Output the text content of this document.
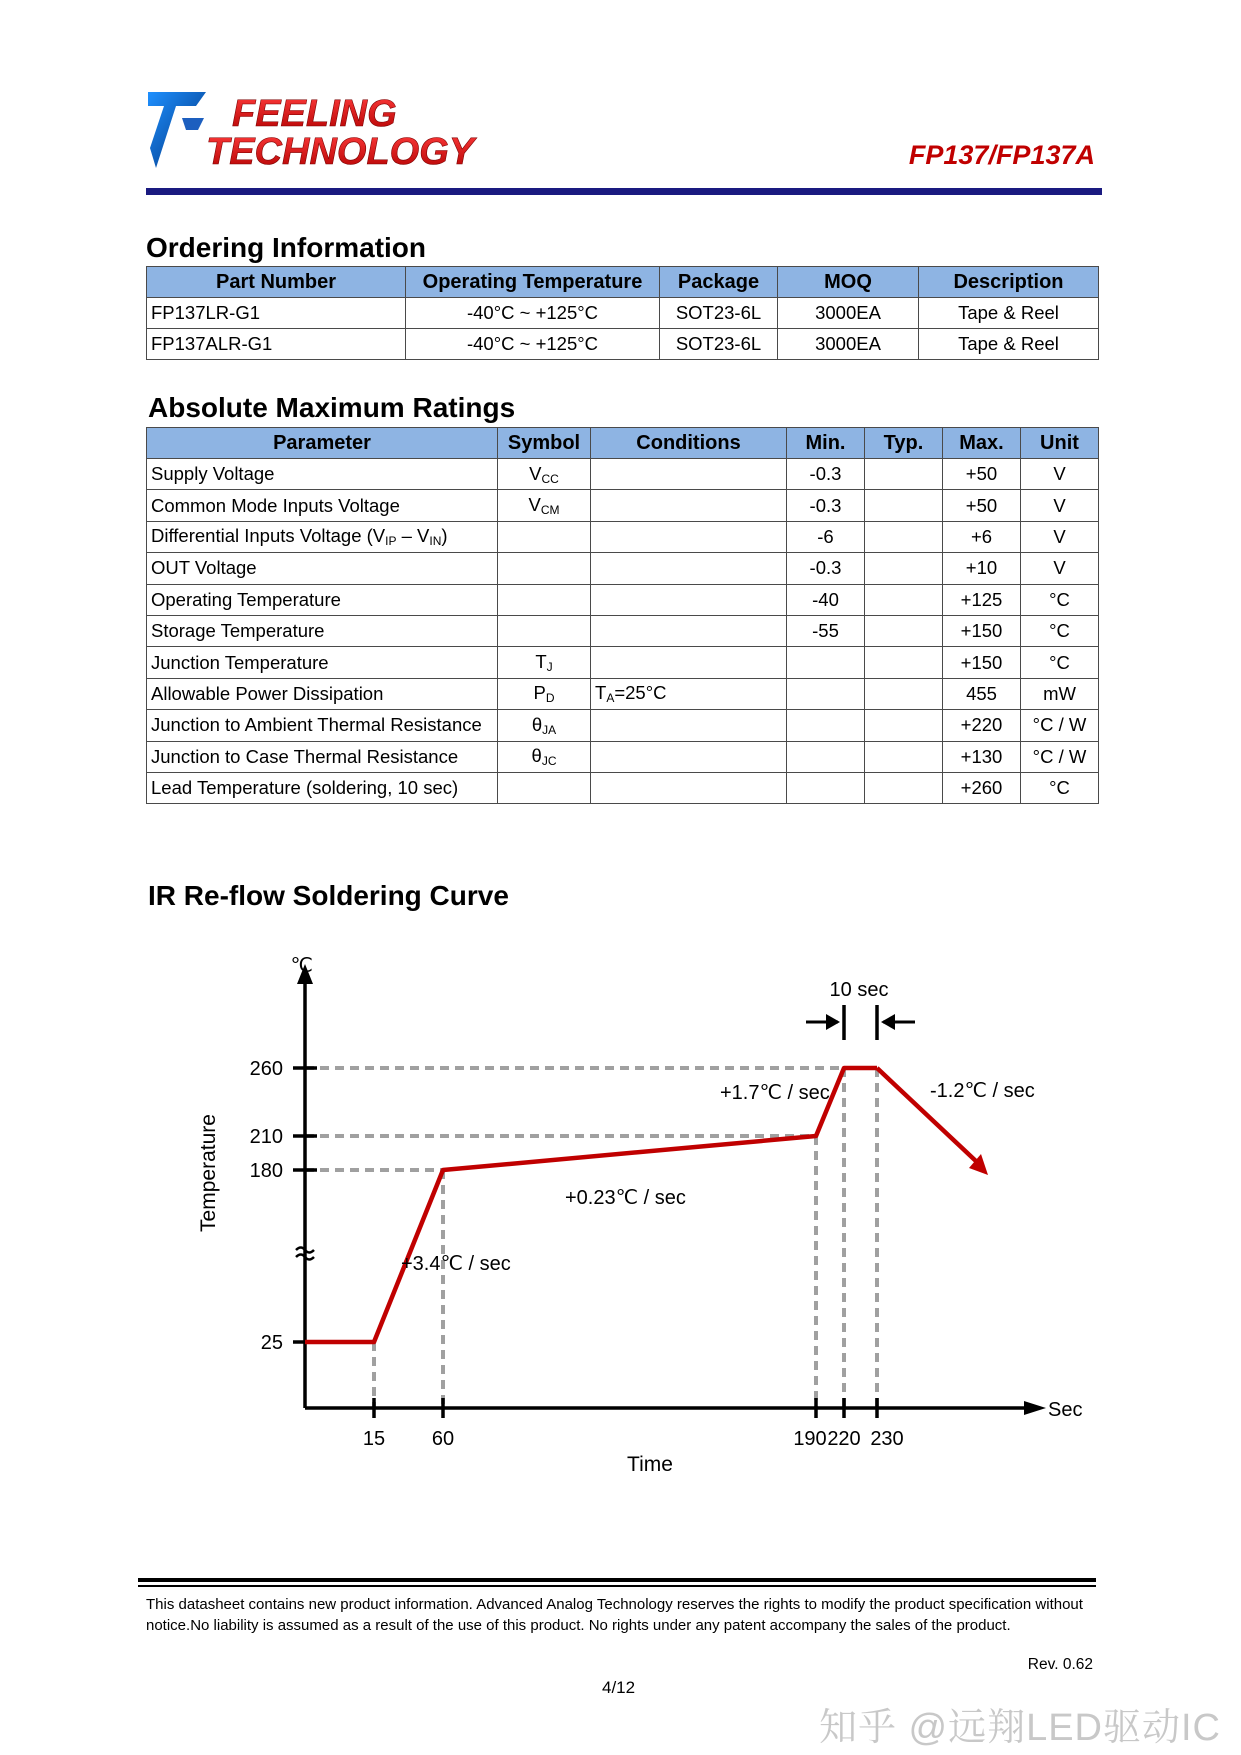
FEELING
TECHNOLOGY	FP137/FP137A
Ordering Information
Part Number	Operating Temperature	Package	MOQ	Description
FP137LR-G1	-40°C ~ +125°C	SOT23-6L	3000EA	Tape & Reel
FP137ALR-G1	-40°C ~ +125°C	SOT23-6L	3000EA	Tape & Reel
Absolute Maximum Ratings
Parameter	Symbol	Conditions	Min.	Typ.	Max.	Unit
Supply Voltage	$V_{CC}$		-0.3		+50	V
Common Mode Inputs Voltage	$V_{CM}$		-0.3		+50	V
Differential Inputs Voltage $(V_{IP} - V_{IN})$			-6		+6	V
OUT Voltage			-0.3		+10	V
Operating Temperature			-40		+125	°C
Storage Temperature			-55		+150	°C
Junction Temperature	$T_J$				+150	°C
Allowable Power Dissipation	$P_D$	$T_A=25^\circ C$			455	mW
Junction to Ambient Thermal Resistance	$\theta_{JA}$				+220	°C / W
Junction to Case Thermal Resistance	$\theta_{JC}$				+130	°C / W
Lead Temperature (soldering, 10 sec)					+260	°C
IR Re-flow Soldering Curve
15 60	190 220 230
25
180
210
260
+3.4℃ / sec
+0.23℃ / sec
+1.7℃ / sec	-1.2℃ / sec
10 sec
℃
Sec
Time
Temperature
This datasheet contains new product information. Advanced Analog Technology reserves the rights to modify the product specification without
notice.No liability is assumed as a result of the use of this product. No rights under any patent accompany the sales of the product.
Rev. 0.62
4/12
知乎 @远翔LED驱动IC
